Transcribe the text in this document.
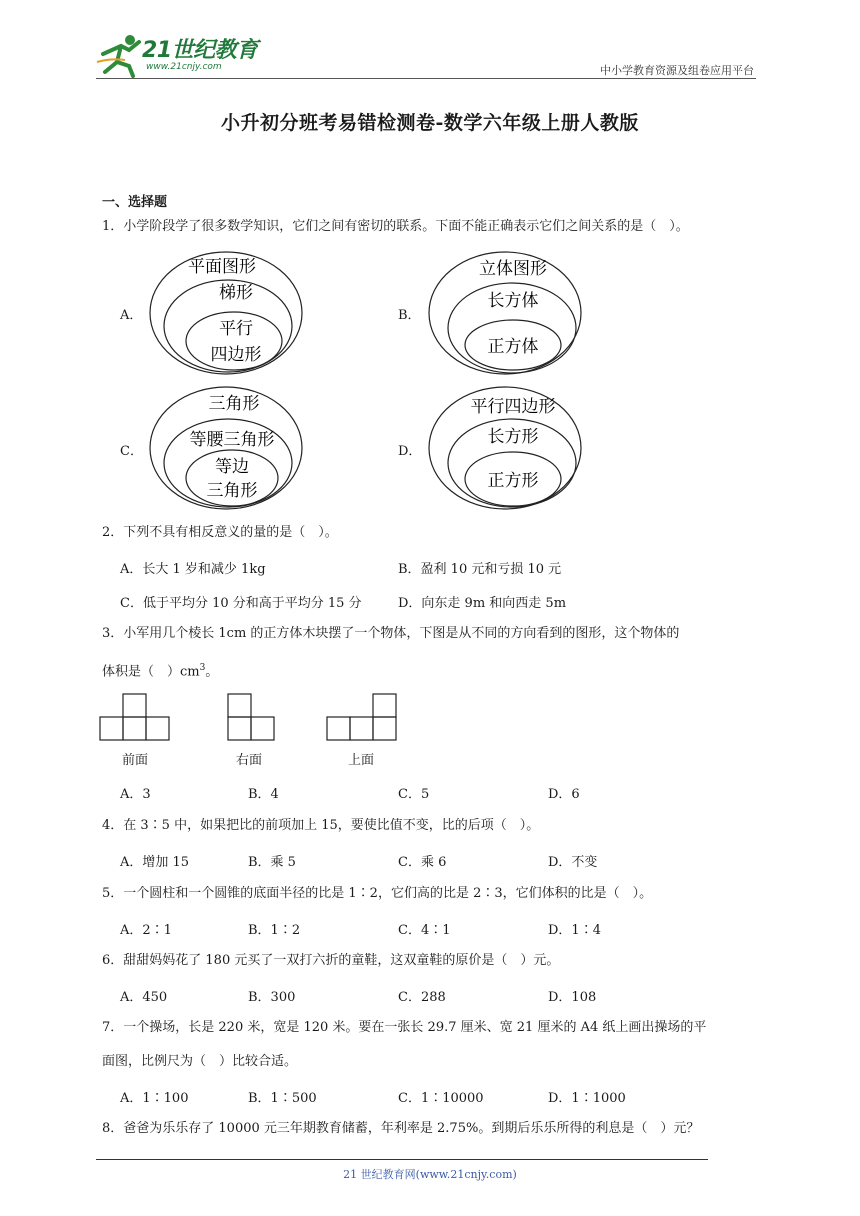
21世纪教育
www.21cnjy.com	中小学教育资源及组卷应用平台
小升初分班考易错检测卷-数学六年级上册人教版
一、选择题
1．小学阶段学了很多数学知识，它们之间有密切的联系。下面不能正确表示它们之间关系的是（　）。
A．
平面图形
梯形
平行
四边形
B．
立体图形
长方体
正方体
C．
三角形
等腰三角形
等边
三角形
D．
平行四边形
长方形
正方形
2．下列不具有相反意义的量的是（　）。
A．长大 1 岁和减少 1kg	B．盈利 10 元和亏损 10 元
C．低于平均分 10 分和高于平均分 15 分	D．向东走 9m 和向西走 5m
3．小军用几个棱长 1cm 的正方体木块摆了一个物体，下图是从不同的方向看到的图形，这个物体的
体积是（　）$cm^3$。
前面	右面	上面
A．3	B．4	C．5	D．6
4．在 3∶5 中，如果把比的前项加上 15，要使比值不变，比的后项（　）。
A．增加 15	B．乘 5	C．乘 6	D．不变
5．一个圆柱和一个圆锥的底面半径的比是 1∶2，它们高的比是 2∶3，它们体积的比是（　）。
A．2∶1	B．1∶2	C．4∶1	D．1∶4
6．甜甜妈妈花了 180 元买了一双打六折的童鞋，这双童鞋的原价是（　）元。
A．450	B．300	C．288	D．108
7．一个操场，长是 220 米，宽是 120 米。要在一张长 29.7 厘米、宽 21 厘米的 A4 纸上画出操场的平
面图，比例尺为（　）比较合适。
A．1∶100	B．1∶500	C．1∶10000	D．1∶1000
8．爸爸为乐乐存了 10000 元三年期教育储蓄，年利率是 2.75%。到期后乐乐所得的利息是（　）元？
21 世纪教育网(www.21cnjy.com)
